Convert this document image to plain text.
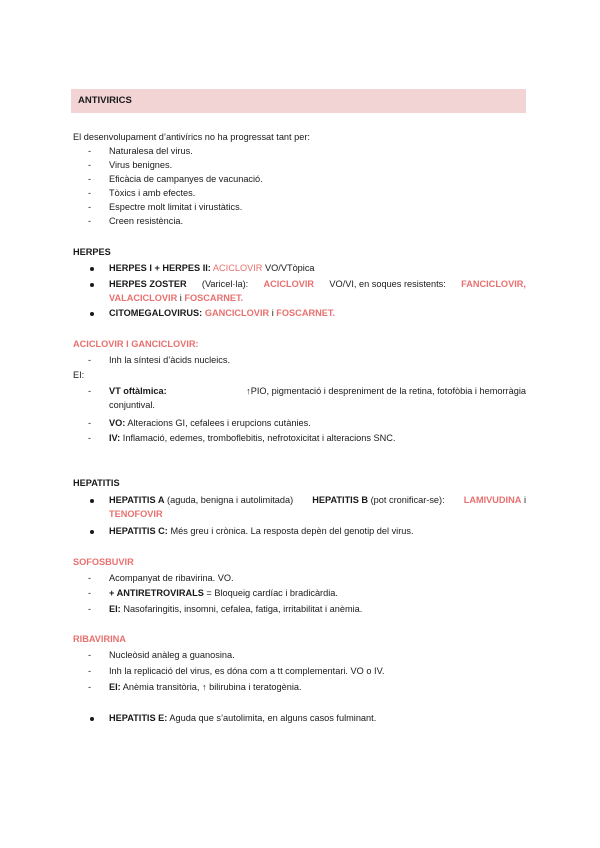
ANTIVIRICS
El desenvolupament d’antivírics no ha progressat tant per:
- Naturalesa del virus.
- Virus benignes.
- Eficàcia de campanyes de vacunació.
- Tòxics i amb efectes.
- Espectre molt limitat i virustàtics.
- Creen resistència.
HERPES
HERPES I + HERPES II: ACICLOVIR VO/VTòpica
HERPES ZOSTER (Varicel·la): ACICLOVIR VO/VI, en soques resistents: FANCICLOVIR,
VALACICLOVIR i FOSCARNET.
CITOMEGALOVIRUS: GANCICLOVIR i FOSCARNET.
ACICLOVIR I GANCICLOVIR:
- Inh la síntesi d’àcids nucleics.
EI:
- VT oftàlmica:	↑PIO, pigmentació i despreniment de la retina, fotofòbia i hemorràgia
conjuntival.
- VO: Alteracions GI, cefalees i erupcions cutànies.
- IV: Inflamació, edemes, tromboflebitis, nefrotoxicitat i alteracions SNC.
HEPATITIS
HEPATITIS A (aguda, benigna i autolimitada) HEPATITIS B (pot cronificar-se): LAMIVUDINA i
TENOFOVIR
HEPATITIS C: Més greu i crònica. La resposta depèn del genotip del virus.
SOFOSBUVIR
- Acompanyat de ribavirina. VO.
- + ANTIRETROVIRALS = Bloqueig cardíac i bradicàrdia.
- EI: Nasofaringitis, insomni, cefalea, fatiga, irritabilitat i anèmia.
RIBAVIRINA
- Nucleòsid anàleg a guanosina.
- Inh la replicació del virus, es dóna com a tt complementari. VO o IV.
- EI: Anèmia transitòria, ↑ bilirubina i teratogènia.
HEPATITIS E: Aguda que s’autolimita, en alguns casos fulminant.
